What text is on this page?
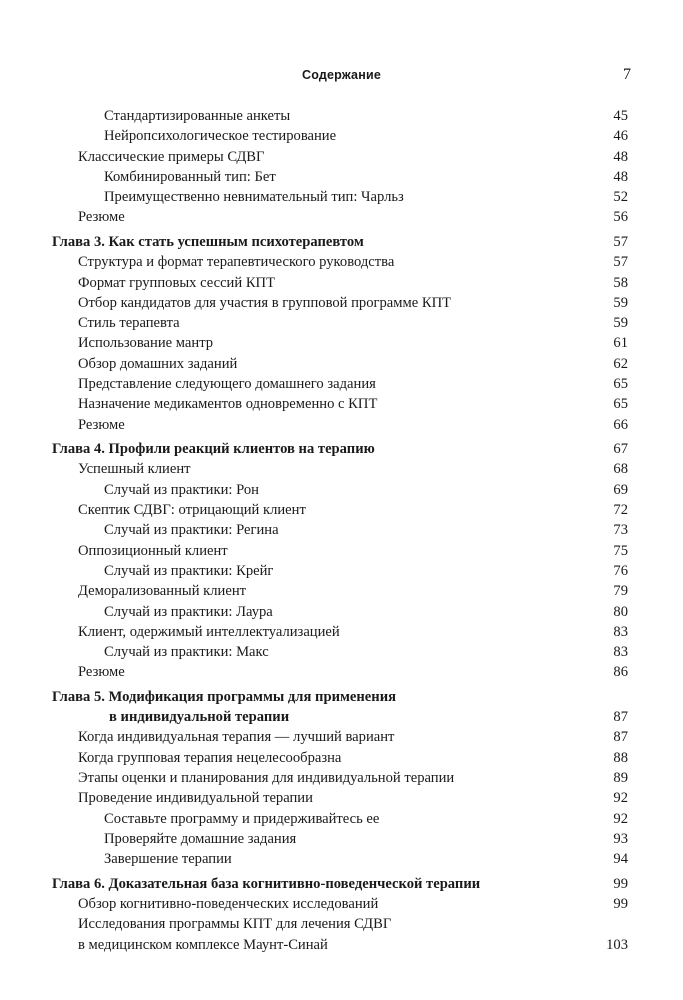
Содержание	7
Стандартизированные анкеты	45
Нейропсихологическое тестирование	46
Классические примеры СДВГ	48
Комбинированный тип: Бет	48
Преимущественно невнимательный тип: Чарльз	52
Резюме	56
Глава 3. Как стать успешным психотерапевтом	57
Структура и формат терапевтического руководства	57
Формат групповых сессий КПТ	58
Отбор кандидатов для участия в групповой программе КПТ	59
Стиль терапевта	59
Использование мантр	61
Обзор домашних заданий	62
Представление следующего домашнего задания	65
Назначение медикаментов одновременно с КПТ	65
Резюме	66
Глава 4. Профили реакций клиентов на терапию	67
Успешный клиент	68
Случай из практики: Рон	69
Скептик СДВГ: отрицающий клиент	72
Случай из практики: Регина	73
Оппозиционный клиент	75
Случай из практики: Крейг	76
Деморализованный клиент	79
Случай из практики: Лаура	80
Клиент, одержимый интеллектуализацией	83
Случай из практики: Макс	83
Резюме	86
Глава 5. Модификация программы для применения
в индивидуальной терапии	87
Когда индивидуальная терапия — лучший вариант	87
Когда групповая терапия нецелесообразна	88
Этапы оценки и планирования для индивидуальной терапии	89
Проведение индивидуальной терапии	92
Составьте программу и придерживайтесь ее	92
Проверяйте домашние задания	93
Завершение терапии	94
Глава 6. Доказательная база когнитивно-поведенческой терапии	99
Обзор когнитивно-поведенческих исследований	99
Исследования программы КПТ для лечения СДВГ
в медицинском комплексе Маунт-Синай	103
